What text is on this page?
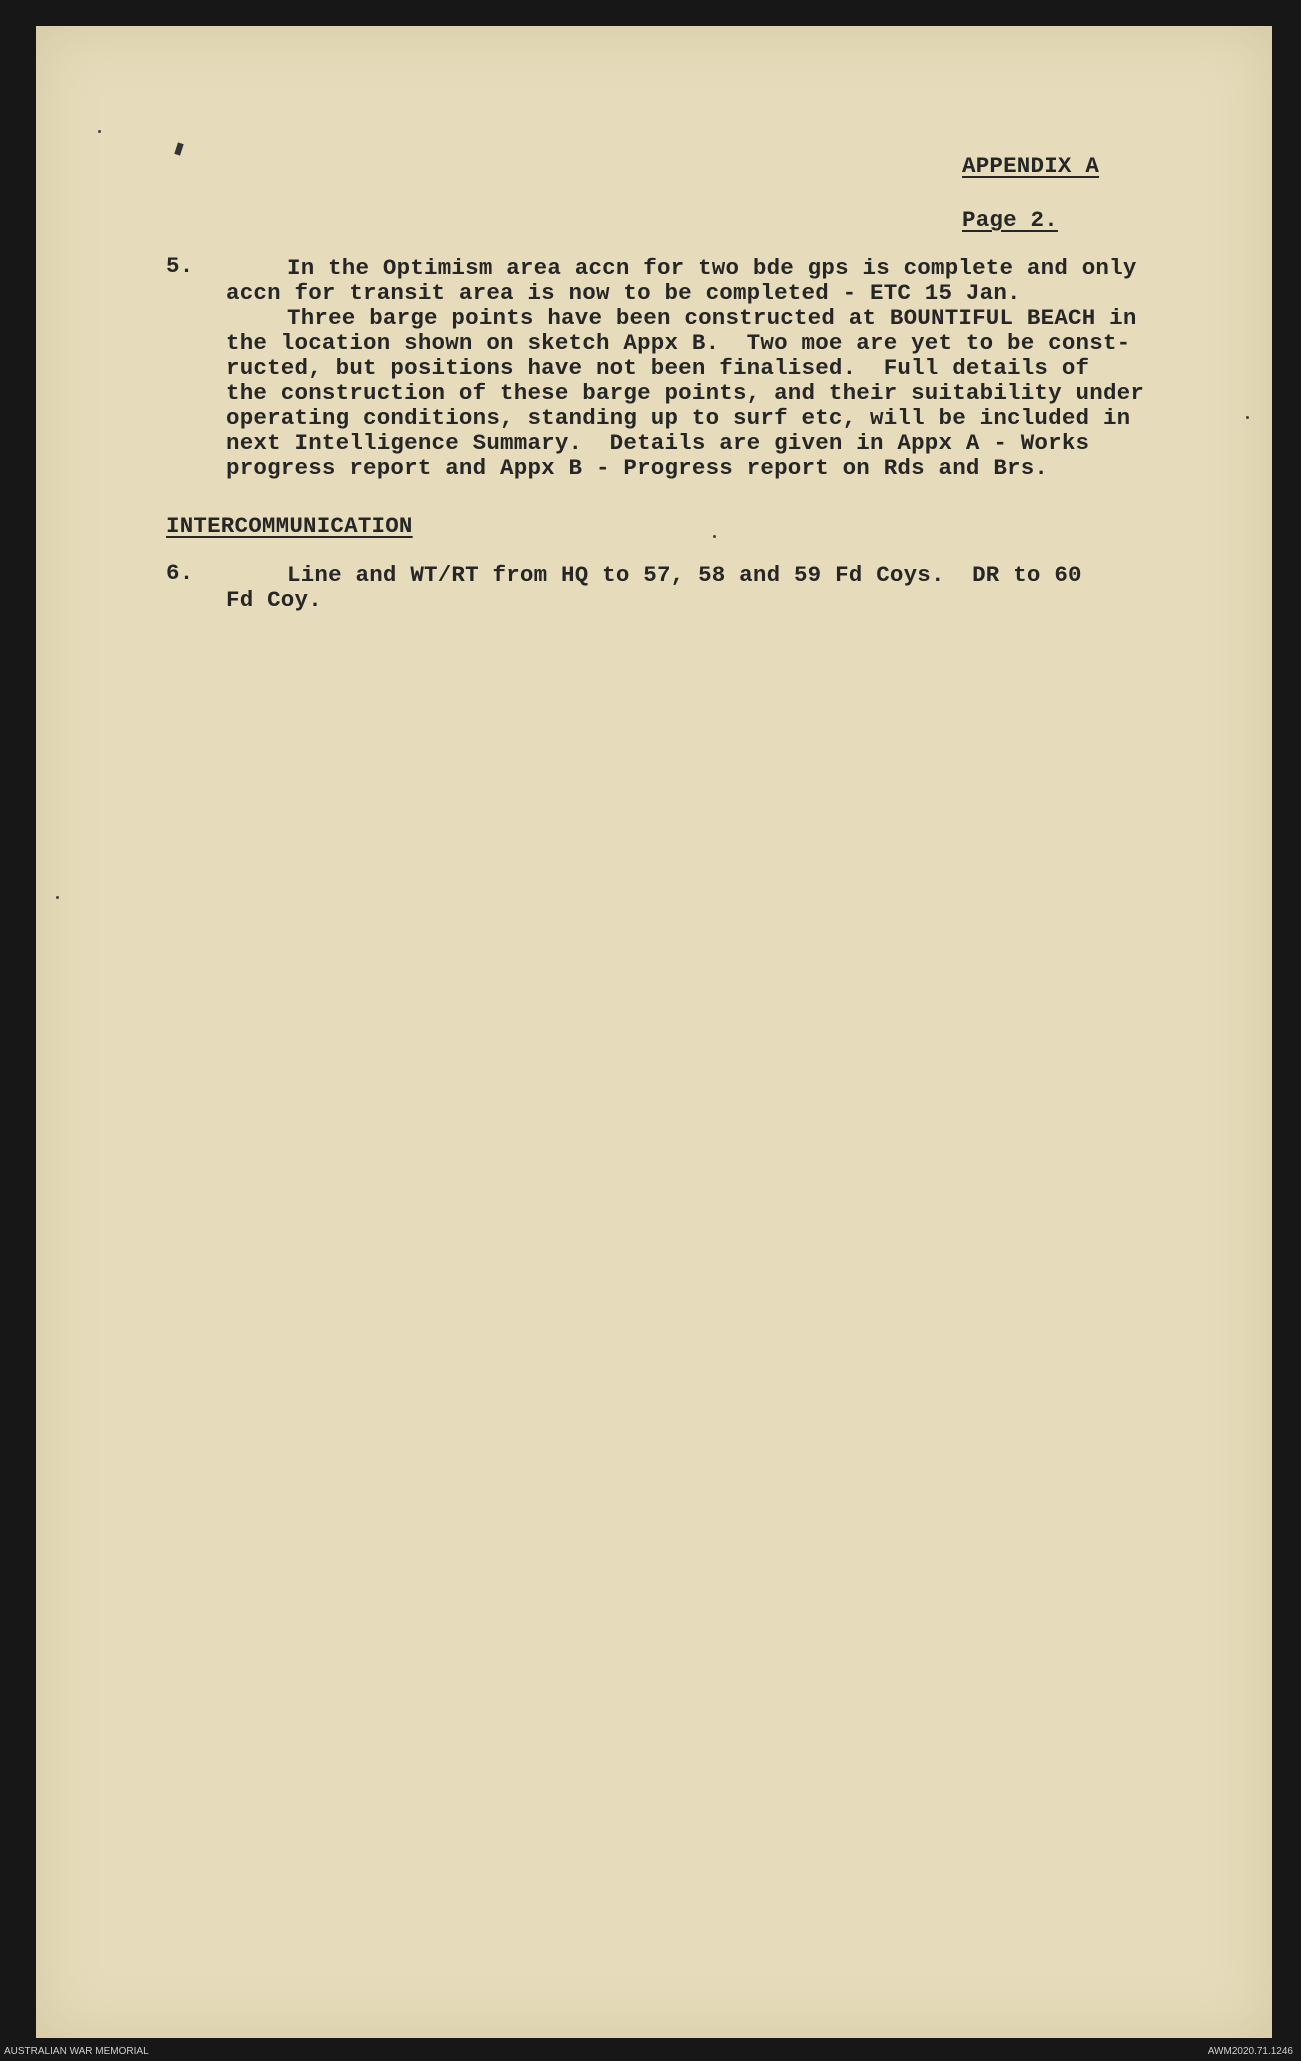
APPENDIX A
Page 2.
5.	In the Optimism area accn for two bde gps is complete and only
accn for transit area is now to be completed - ETC 15 Jan.
Three barge points have been constructed at BOUNTIFUL BEACH in
the location shown on sketch Appx B.  Two moe are yet to be const-
ructed, but positions have not been finalised.  Full details of
the construction of these barge points, and their suitability under
operating conditions, standing up to surf etc, will be included in
next Intelligence Summary.  Details are given in Appx A - Works
progress report and Appx B - Progress report on Rds and Brs.
INTERCOMMUNICATION
6.	Line and WT/RT from HQ to 57, 58 and 59 Fd Coys.  DR to 60
Fd Coy.
AUSTRALIAN WAR MEMORIAL	AWM2020.71.1246
